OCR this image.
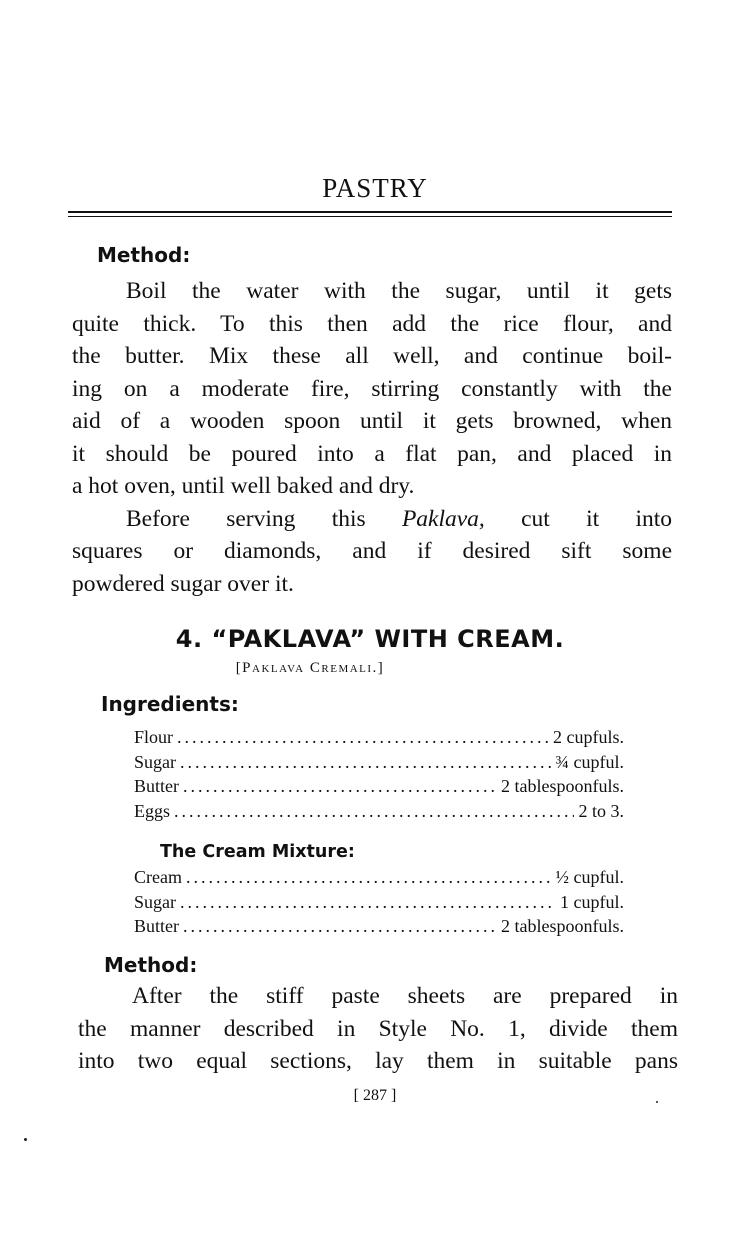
PASTRY
Method:
Boil the water with the sugar, until it gets
quite thick. To this then add the rice flour, and
the butter. Mix these all well, and continue boil-
ing on a moderate fire, stirring constantly with the
aid of a wooden spoon until it gets browned, when
it should be poured into a flat pan, and placed in
a hot oven, until well baked and dry.
Before serving this Paklava, cut it into
squares or diamonds, and if desired sift some
powdered sugar over it.
4. “PAKLAVA” WITH CREAM.
[Paklava Cremali.]
Ingredients:
Flour .....	2 cupfuls.
Sugar .....	¾ cupful.
Butter .....	2 tablespoonfuls.
Eggs .....	2 to 3.
The Cream Mixture:
Cream .....	½ cupful.
Sugar .....	1 cupful.
Butter .....	2 tablespoonfuls.
Method:
After the stiff paste sheets are prepared in
the manner described in Style No. 1, divide them
into two equal sections, lay them in suitable pans
[ 287 ]
